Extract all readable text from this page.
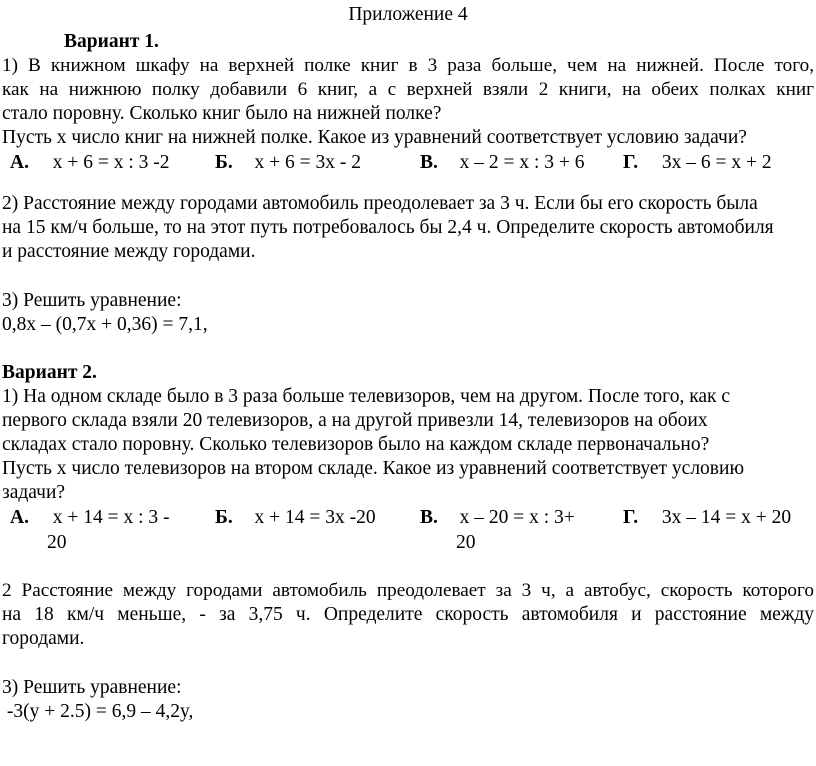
Приложение 4
Вариант 1.
1) В книжном шкафу на верхней полке книг в 3 раза больше, чем на нижней. После того,
как на нижнюю полку добавили 6 книг, а с верхней взяли 2 книги, на обеих полках книг
стало поровну. Сколько книг было на нижней полке?
Пусть х число книг на нижней полке. Какое из уравнений соответствует условию задачи?
А. x + 6 = x : 3 -2 Б. x + 6 = 3x - 2	В. x – 2 = x : 3 + 6 Г. 3x – 6 = x + 2
2) Расстояние между городами автомобиль преодолевает за 3 ч. Если бы его скорость была
на 15 км/ч больше, то на этот путь потребовалось бы 2,4 ч. Определите скорость автомобиля
и расстояние между городами.
3) Решить уравнение:
0,8x – (0,7x + 0,36) = 7,1,
Вариант 2.
1) На одном складе было в 3 раза больше телевизоров, чем на другом. После того, как с
первого склада взяли 20 телевизоров, а на другой привезли 14, телевизоров на обоих
складах стало поровну. Сколько телевизоров было на каждом складе первоначально?
Пусть х число телевизоров на втором складе. Какое из уравнений соответствует условию
задачи?
А. x + 14 = x : 3 -
20
Б. x + 14 = 3x -20 В. x – 20 = x : 3+
20
Г. 3x – 14 = x + 20
2 Расстояние между городами автомобиль преодолевает за 3 ч, а автобус, скорость которого
на 18 км/ч меньше, - за 3,75 ч. Определите скорость автомобиля и расстояние между
городами.
3) Решить уравнение:
-3(y + 2.5) = 6,9 – 4,2y,
